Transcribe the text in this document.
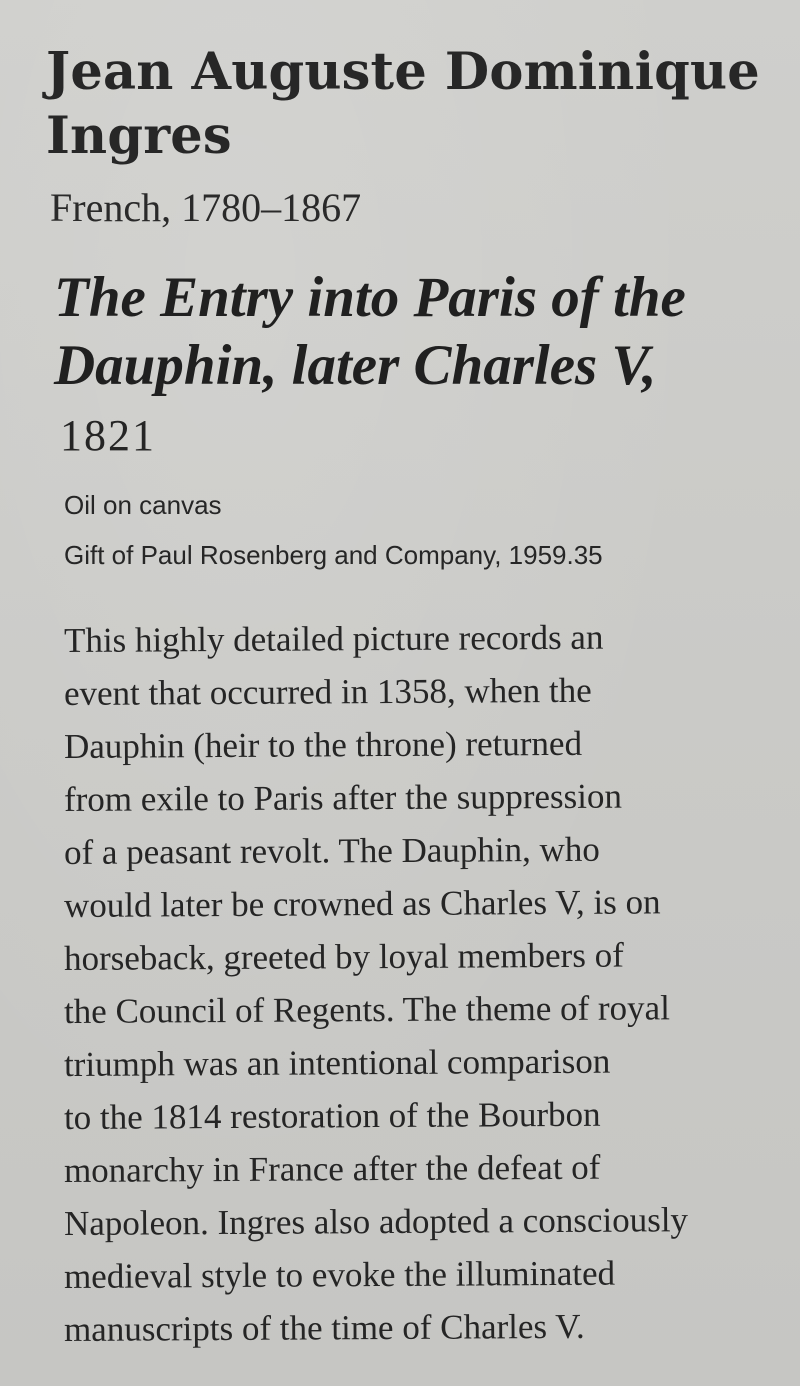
Jean Auguste Dominique Ingres

French, 1780–1867

The Entry into Paris of the Dauphin, later Charles V,

1821

Oil on canvas

Gift of Paul Rosenberg and Company, 1959.35

This highly detailed picture records an
event that occurred in 1358, when the
Dauphin (heir to the throne) returned
from exile to Paris after the suppression
of a peasant revolt. The Dauphin, who
would later be crowned as Charles V, is on
horseback, greeted by loyal members of
the Council of Regents. The theme of royal
triumph was an intentional comparison
to the 1814 restoration of the Bourbon
monarchy in France after the defeat of
Napoleon. Ingres also adopted a consciously
medieval style to evoke the illuminated
manuscripts of the time of Charles V.
